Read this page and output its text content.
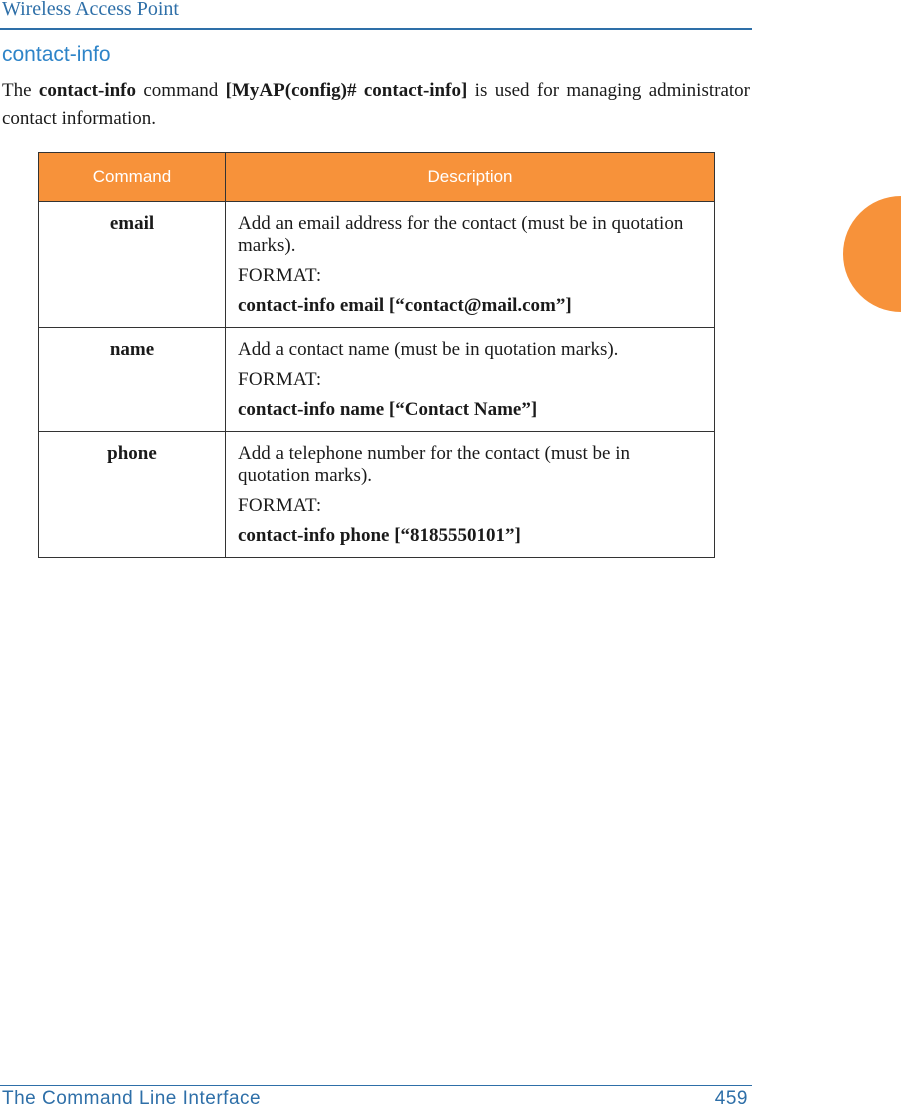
Wireless Access Point
contact-info

The contact-info command [MyAP(config)# contact-info] is used for managing administrator contact information.

Command	Description
email	Add an email address for the contact (must be in quotation marks).

FORMAT:

contact-info email [“contact@mail.com”]

name	Add a contact name (must be in quotation marks).

FORMAT:

contact-info name [“Contact Name”]

phone	Add a telephone number for the contact (must be in quotation marks).

FORMAT:

contact-info phone [“8185550101”]

The Command Line Interface	459
